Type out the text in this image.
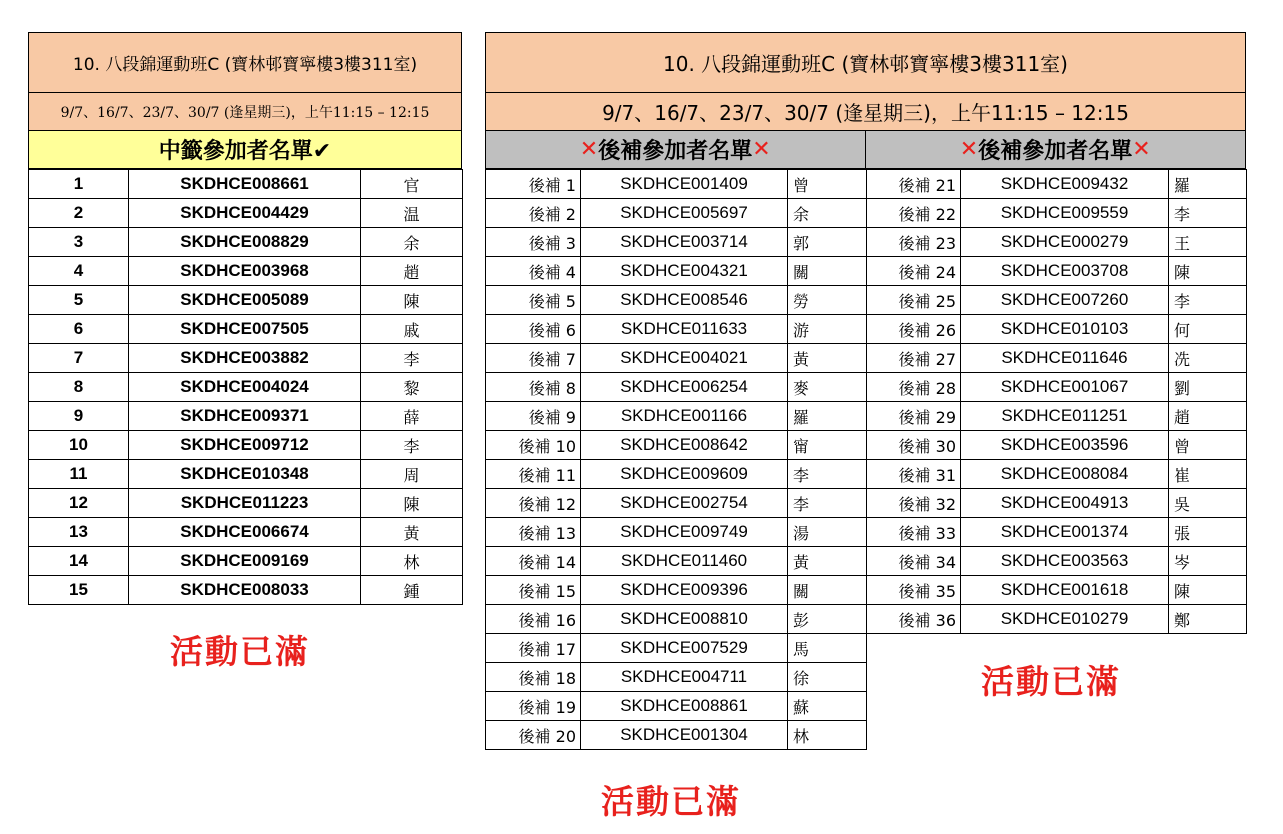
10. 八段錦運動班C (寶林邨寶寧樓3樓311室)
9/7、16/7、23/7、30/7 (逢星期三)，上午11:15 – 12:15
中籤參加者名單✔
1	SKDHCE008661	官
2	SKDHCE004429	温
3	SKDHCE008829	余
4	SKDHCE003968	趙
5	SKDHCE005089	陳
6	SKDHCE007505	戚
7	SKDHCE003882	李
8	SKDHCE004024	黎
9	SKDHCE009371	薛
10	SKDHCE009712	李
11	SKDHCE010348	周
12	SKDHCE011223	陳
13	SKDHCE006674	黃
14	SKDHCE009169	林
15	SKDHCE008033	鍾
活動已滿
10. 八段錦運動班C (寶林邨寶寧樓3樓311室)
9/7、16/7、23/7、30/7 (逢星期三)，上午11:15 – 12:15
✕ 後補參加者名單 ✕	✕ 後補參加者名單 ✕
後補 1	SKDHCE001409	曾
後補 2	SKDHCE005697	余
後補 3	SKDHCE003714	郭
後補 4	SKDHCE004321	關
後補 5	SKDHCE008546	勞
後補 6	SKDHCE011633	游
後補 7	SKDHCE004021	黃
後補 8	SKDHCE006254	麥
後補 9	SKDHCE001166	羅
後補 10	SKDHCE008642	甯
後補 11	SKDHCE009609	李
後補 12	SKDHCE002754	李
後補 13	SKDHCE009749	湯
後補 14	SKDHCE011460	黃
後補 15	SKDHCE009396	關
後補 16	SKDHCE008810	彭
後補 17	SKDHCE007529	馬
後補 18	SKDHCE004711	徐
後補 19	SKDHCE008861	蘇
後補 20	SKDHCE001304	林
後補 21	SKDHCE009432	羅
後補 22	SKDHCE009559	李
後補 23	SKDHCE000279	王
後補 24	SKDHCE003708	陳
後補 25	SKDHCE007260	李
後補 26	SKDHCE010103	何
後補 27	SKDHCE011646	冼
後補 28	SKDHCE001067	劉
後補 29	SKDHCE011251	趙
後補 30	SKDHCE003596	曾
後補 31	SKDHCE008084	崔
後補 32	SKDHCE004913	吳
後補 33	SKDHCE001374	張
後補 34	SKDHCE003563	岑
後補 35	SKDHCE001618	陳
後補 36	SKDHCE010279	鄭
活動已滿
活動已滿
